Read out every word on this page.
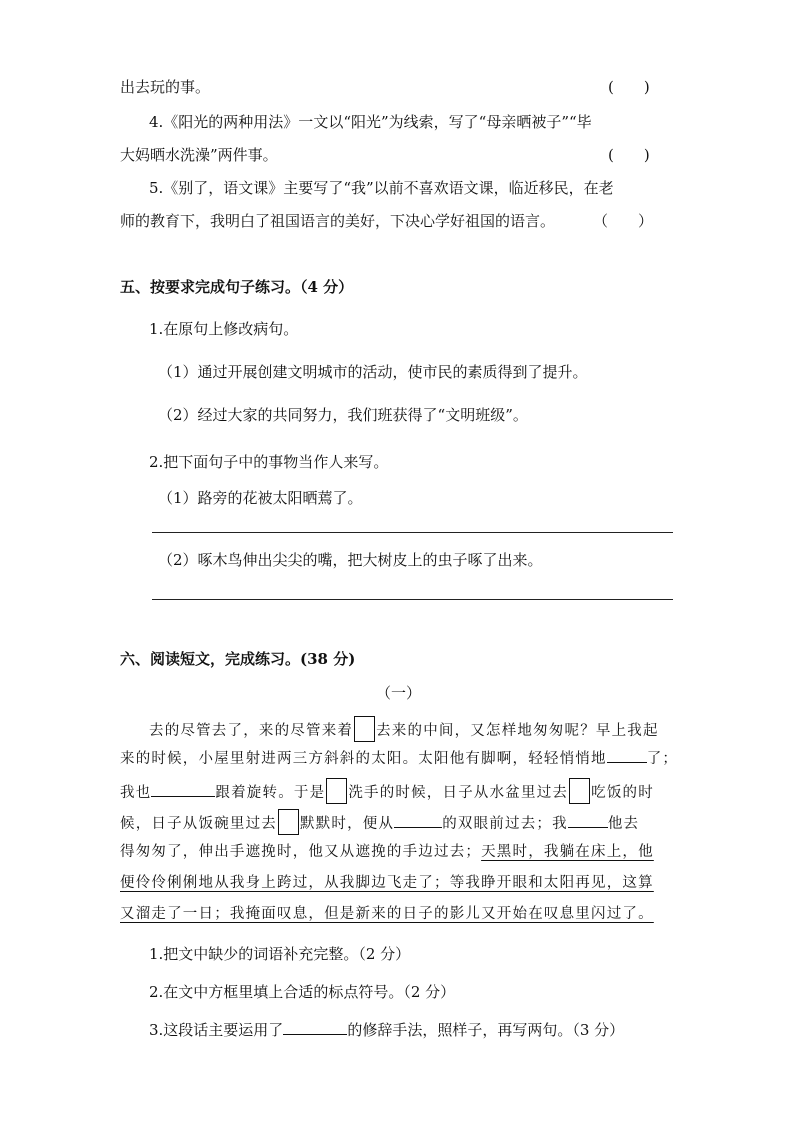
出去玩的事。	(　　)
4.《阳光的两种用法》一文以“阳光”为线索，写了“母亲晒被子”“毕
大妈晒水洗澡”两件事。	(　　)
5.《别了，语文课》主要写了“我”以前不喜欢语文课，临近移民，在老
师的教育下，我明白了祖国语言的美好，下决心学好祖国的语言。	（　　）
五、按要求完成句子练习。（4 分）
1.在原句上修改病句。
（1）通过开展创建文明城市的活动，使市民的素质得到了提升。
（2）经过大家的共同努力，我们班获得了“文明班级”。
2.把下面句子中的事物当作人来写。
（1）路旁的花被太阳晒蔫了。
（2）啄木鸟伸出尖尖的嘴，把大树皮上的虫子啄了出来。
六、阅读短文，完成练习。(38 分)
（一）
去的尽管去了，来的尽管来着 去来的中间，又怎样地匆匆呢？早上我起
来的时候，小屋里射进两三方斜斜的太阳。太阳他有脚啊，轻轻悄悄地	了；
我也	跟着旋转。于是 洗手的时候，日子从水盆里过去 吃饭的时
候，日子从饭碗里过去 默默时，便从	的双眼前过去；我	他去
得匆匆了，伸出手遮挽时，他又从遮挽的手边过去；天黑时，我躺在床上，他
便伶伶俐俐地从我身上跨过，从我脚边飞走了；等我睁开眼和太阳再见，这算
又溜走了一日；我掩面叹息，但是新来的日子的影儿又开始在叹息里闪过了。
1.把文中缺少的词语补充完整。（2 分）
2.在文中方框里填上合适的标点符号。（2 分）
3.这段话主要运用了	的修辞手法，照样子，再写两句。（3 分）
